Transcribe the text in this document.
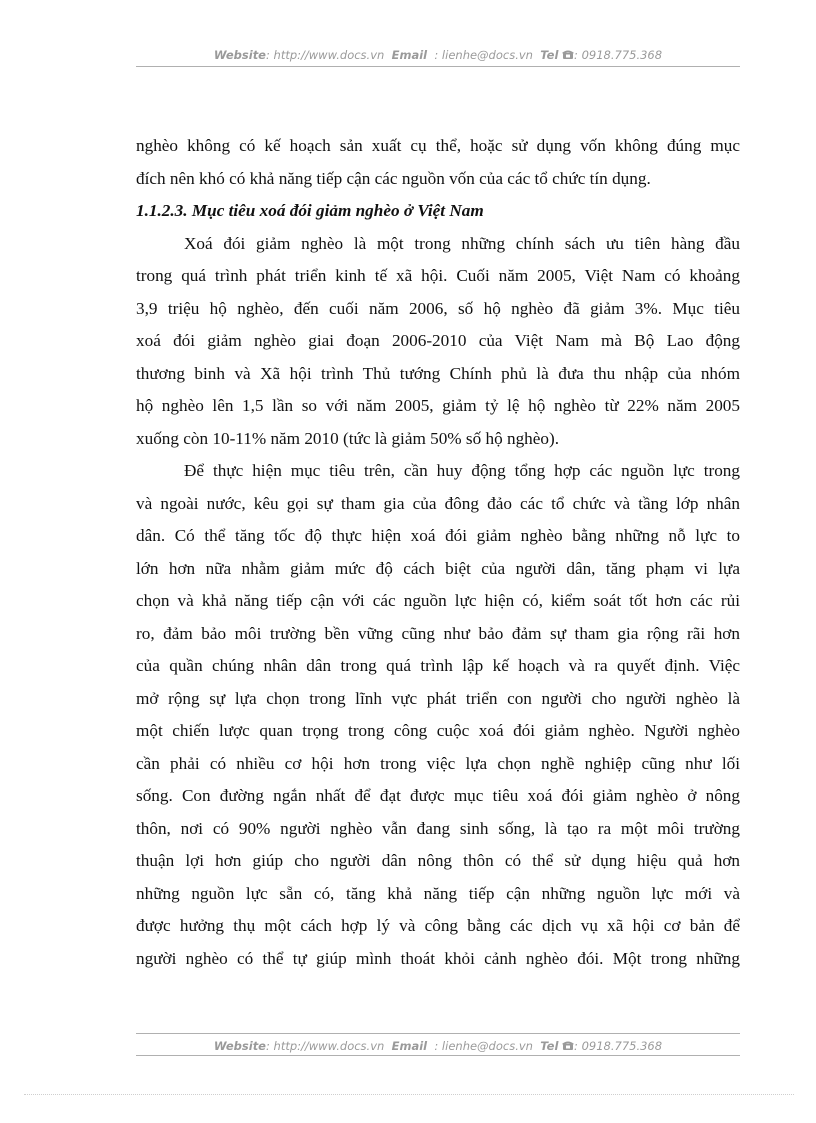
Website: http://www.docs.vn Email : lienhe@docs.vn Tel : 0918.775.368

nghèo không có kế hoạch sản xuất cụ thể, hoặc sử dụng vốn không đúng mục
đích nên khó có khả năng tiếp cận các nguồn vốn của các tổ chức tín dụng.

1.1.2.3. Mục tiêu xoá đói giảm nghèo ở Việt Nam

Xoá đói giảm nghèo là một trong những chính sách ưu tiên hàng đầu
trong quá trình phát triển kinh tế xã hội. Cuối năm 2005, Việt Nam có khoảng
3,9 triệu hộ nghèo, đến cuối năm 2006, số hộ nghèo đã giảm 3%. Mục tiêu
xoá đói giảm nghèo giai đoạn 2006-2010 của Việt Nam mà Bộ Lao động
thương binh và Xã hội trình Thủ tướng Chính phủ là đưa thu nhập của nhóm
hộ nghèo lên 1,5 lần so với năm 2005, giảm tỷ lệ hộ nghèo từ 22% năm 2005
xuống còn 10-11% năm 2010 (tức là giảm 50% số hộ nghèo).

Để thực hiện mục tiêu trên, cần huy động tổng hợp các nguồn lực trong
và ngoài nước, kêu gọi sự tham gia của đông đảo các tổ chức và tầng lớp nhân
dân. Có thể tăng tốc độ thực hiện xoá đói giảm nghèo bằng những nỗ lực to
lớn hơn nữa nhằm giảm mức độ cách biệt của người dân, tăng phạm vi lựa
chọn và khả năng tiếp cận với các nguồn lực hiện có, kiểm soát tốt hơn các rủi
ro, đảm bảo môi trường bền vững cũng như bảo đảm sự tham gia rộng rãi hơn
của quần chúng nhân dân trong quá trình lập kế hoạch và ra quyết định. Việc
mở rộng sự lựa chọn trong lĩnh vực phát triển con người cho người nghèo là
một chiến lược quan trọng trong công cuộc xoá đói giảm nghèo. Người nghèo
cần phải có nhiều cơ hội hơn trong việc lựa chọn nghề nghiệp cũng như lối
sống. Con đường ngắn nhất để đạt được mục tiêu xoá đói giảm nghèo ở nông
thôn, nơi có 90% người nghèo vẫn đang sinh sống, là tạo ra một môi trường
thuận lợi hơn giúp cho người dân nông thôn có thể sử dụng hiệu quả hơn
những nguồn lực sẵn có, tăng khả năng tiếp cận những nguồn lực mới và
được hưởng thụ một cách hợp lý và công bằng các dịch vụ xã hội cơ bản để
người nghèo có thể tự giúp mình thoát khỏi cảnh nghèo đói. Một trong những

Website: http://www.docs.vn Email : lienhe@docs.vn Tel : 0918.775.368
